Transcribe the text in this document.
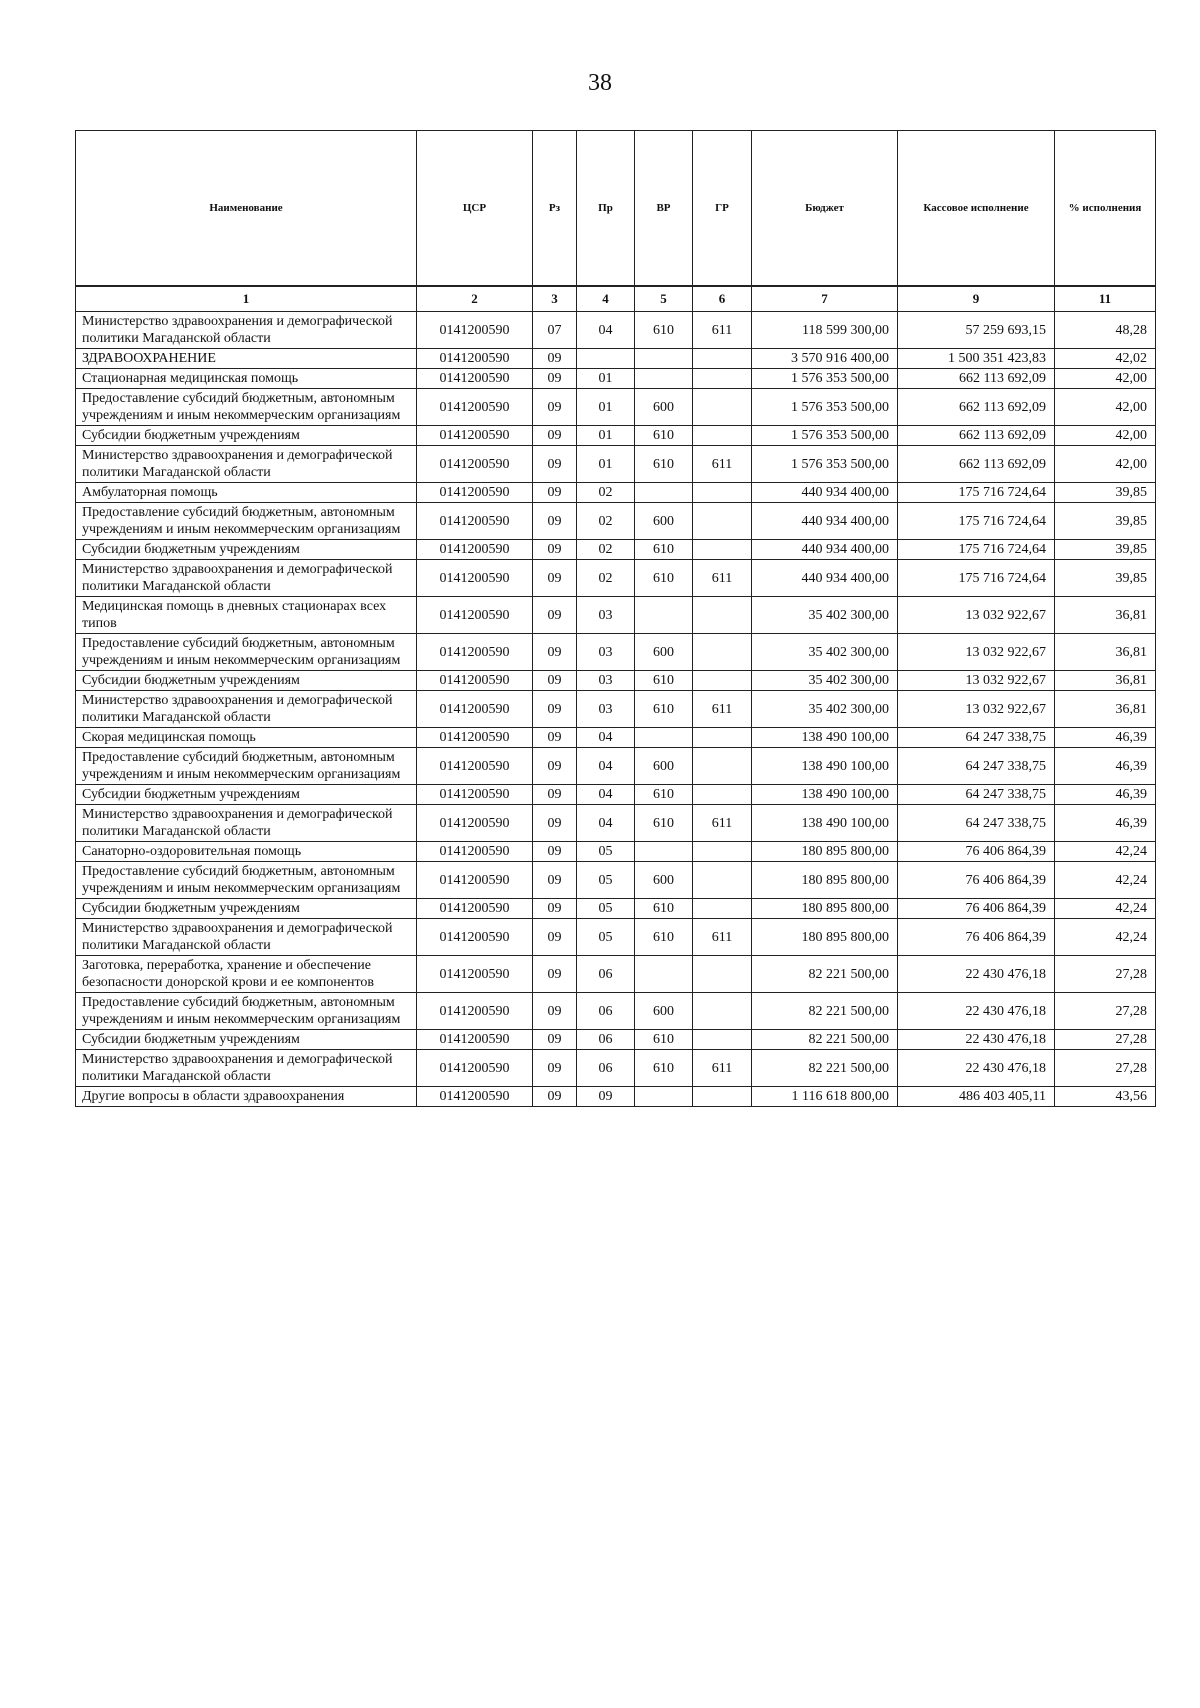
38
Наименование	ЦСР	Рз	Пр	ВР	ГР	Бюджет	Кассовое исполнение	% исполнения
1	2	3	4	5	6	7	9	11
Министерство здравоохранения и демографической политики Магаданской области	0141200590	07	04	610	611	118 599 300,00	57 259 693,15	48,28
ЗДРАВООХРАНЕНИЕ	0141200590	09				3 570 916 400,00	1 500 351 423,83	42,02
Стационарная медицинская помощь	0141200590	09	01			1 576 353 500,00	662 113 692,09	42,00
Предоставление субсидий бюджетным, автономным учреждениям и иным некоммерческим организациям	0141200590	09	01	600		1 576 353 500,00	662 113 692,09	42,00
Субсидии бюджетным учреждениям	0141200590	09	01	610		1 576 353 500,00	662 113 692,09	42,00
Министерство здравоохранения и демографической политики Магаданской области	0141200590	09	01	610	611	1 576 353 500,00	662 113 692,09	42,00
Амбулаторная помощь	0141200590	09	02			440 934 400,00	175 716 724,64	39,85
Предоставление субсидий бюджетным, автономным учреждениям и иным некоммерческим организациям	0141200590	09	02	600		440 934 400,00	175 716 724,64	39,85
Субсидии бюджетным учреждениям	0141200590	09	02	610		440 934 400,00	175 716 724,64	39,85
Министерство здравоохранения и демографической политики Магаданской области	0141200590	09	02	610	611	440 934 400,00	175 716 724,64	39,85
Медицинская помощь в дневных стационарах всех типов	0141200590	09	03			35 402 300,00	13 032 922,67	36,81
Предоставление субсидий бюджетным, автономным учреждениям и иным некоммерческим организациям	0141200590	09	03	600		35 402 300,00	13 032 922,67	36,81
Субсидии бюджетным учреждениям	0141200590	09	03	610		35 402 300,00	13 032 922,67	36,81
Министерство здравоохранения и демографической политики Магаданской области	0141200590	09	03	610	611	35 402 300,00	13 032 922,67	36,81
Скорая медицинская помощь	0141200590	09	04			138 490 100,00	64 247 338,75	46,39
Предоставление субсидий бюджетным, автономным учреждениям и иным некоммерческим организациям	0141200590	09	04	600		138 490 100,00	64 247 338,75	46,39
Субсидии бюджетным учреждениям	0141200590	09	04	610		138 490 100,00	64 247 338,75	46,39
Министерство здравоохранения и демографической политики Магаданской области	0141200590	09	04	610	611	138 490 100,00	64 247 338,75	46,39
Санаторно-оздоровительная помощь	0141200590	09	05			180 895 800,00	76 406 864,39	42,24
Предоставление субсидий бюджетным, автономным учреждениям и иным некоммерческим организациям	0141200590	09	05	600		180 895 800,00	76 406 864,39	42,24
Субсидии бюджетным учреждениям	0141200590	09	05	610		180 895 800,00	76 406 864,39	42,24
Министерство здравоохранения и демографической политики Магаданской области	0141200590	09	05	610	611	180 895 800,00	76 406 864,39	42,24
Заготовка, переработка, хранение и обеспечение безопасности донорской крови и ее компонентов	0141200590	09	06			82 221 500,00	22 430 476,18	27,28
Предоставление субсидий бюджетным, автономным учреждениям и иным некоммерческим организациям	0141200590	09	06	600		82 221 500,00	22 430 476,18	27,28
Субсидии бюджетным учреждениям	0141200590	09	06	610		82 221 500,00	22 430 476,18	27,28
Министерство здравоохранения и демографической политики Магаданской области	0141200590	09	06	610	611	82 221 500,00	22 430 476,18	27,28
Другие вопросы в области здравоохранения	0141200590	09	09			1 116 618 800,00	486 403 405,11	43,56
